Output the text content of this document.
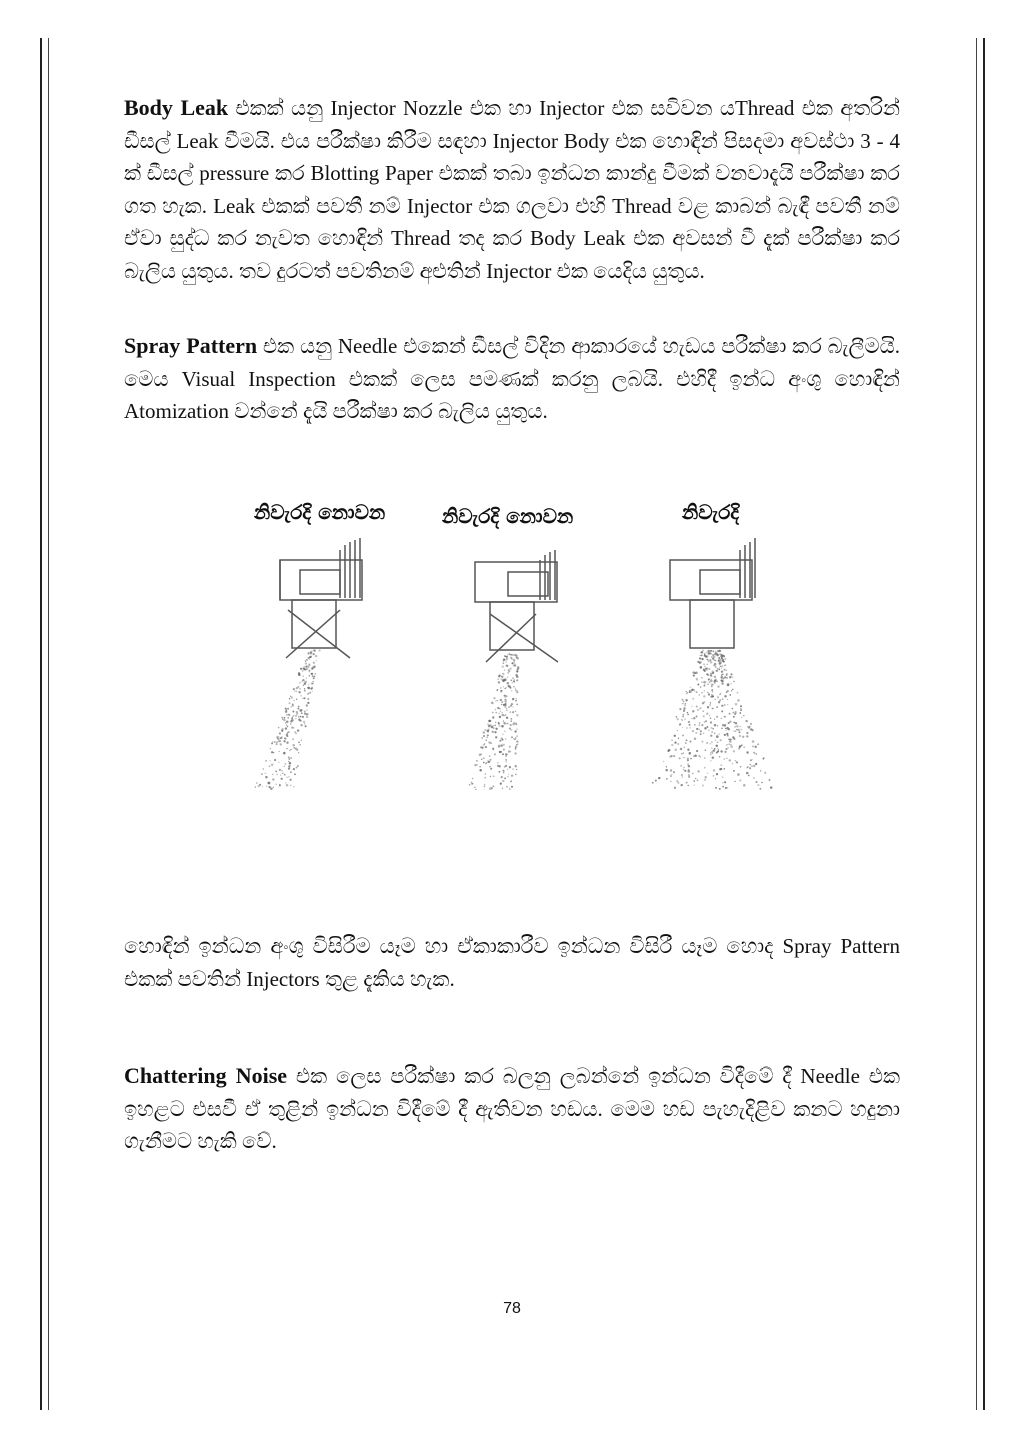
Body Leak එකක් යනු Injector Nozzle එක හා Injector එක සවිවන යThread එක අතරින් ඩීසල් Leak වීමයි. එය පරීක්ෂා කිරීම සඳහා Injector Body එක හොඳින් පිසදමා අවස්ථා 3 - 4 ක් ඩීසල් pressure කර Blotting Paper එකක් තබා ඉන්ධන කාන්දු වීමක් වනවාදැයි පරීක්ෂා කර ගත හැක. Leak එකක් පවතී නම් Injector එක ගලවා එහි Thread වළ කාබන් බැඳී පවතී නම් ඒවා සුද්ධ කර නැවත හොඳින් Thread තද කර Body Leak එක අවසන් වී දැක් පරීක්ෂා කර බැලිය යුතුය. තව දුරටත් පවතිනම් අළුතින් Injector එක යෙදිය යුතුය.

Spray Pattern එක යනු Needle එකෙන් ඩීසල් විදින ආකාරයේ හැඩය පරීක්ෂා කර බැලීමයි. මෙය Visual Inspection එකක් ලෙස පමණක් කරනු ලබයි. එහිදී ඉන්ධ අංශු හොඳින් Atomization වන්නේ දැයි පරීක්ෂා කර බැලිය යුතුය.

නිවැරදි නොවන	නිවැරදි නොවන	නිවැරදි

හොඳින් ඉන්ධන අංශු විසිරීම යෑම හා ඒකාකාරීව ඉන්ධන විසිරී යෑම හොද Spray Pattern එකක් පවතින් Injectors තුළ දැකිය හැක.

Chattering Noise එක ලෙස පරීක්ෂා කර බලනු ලබන්නේ ඉන්ධන විදීමේ දී Needle එක ඉහළට එසවී ඒ තුළින් ඉන්ධන විදීමේ දී ඇතිවන හඩය. මෙම හඩ පැහැදිළිව කනට හදුනා ගැනීමට හැකි වේ.

78
